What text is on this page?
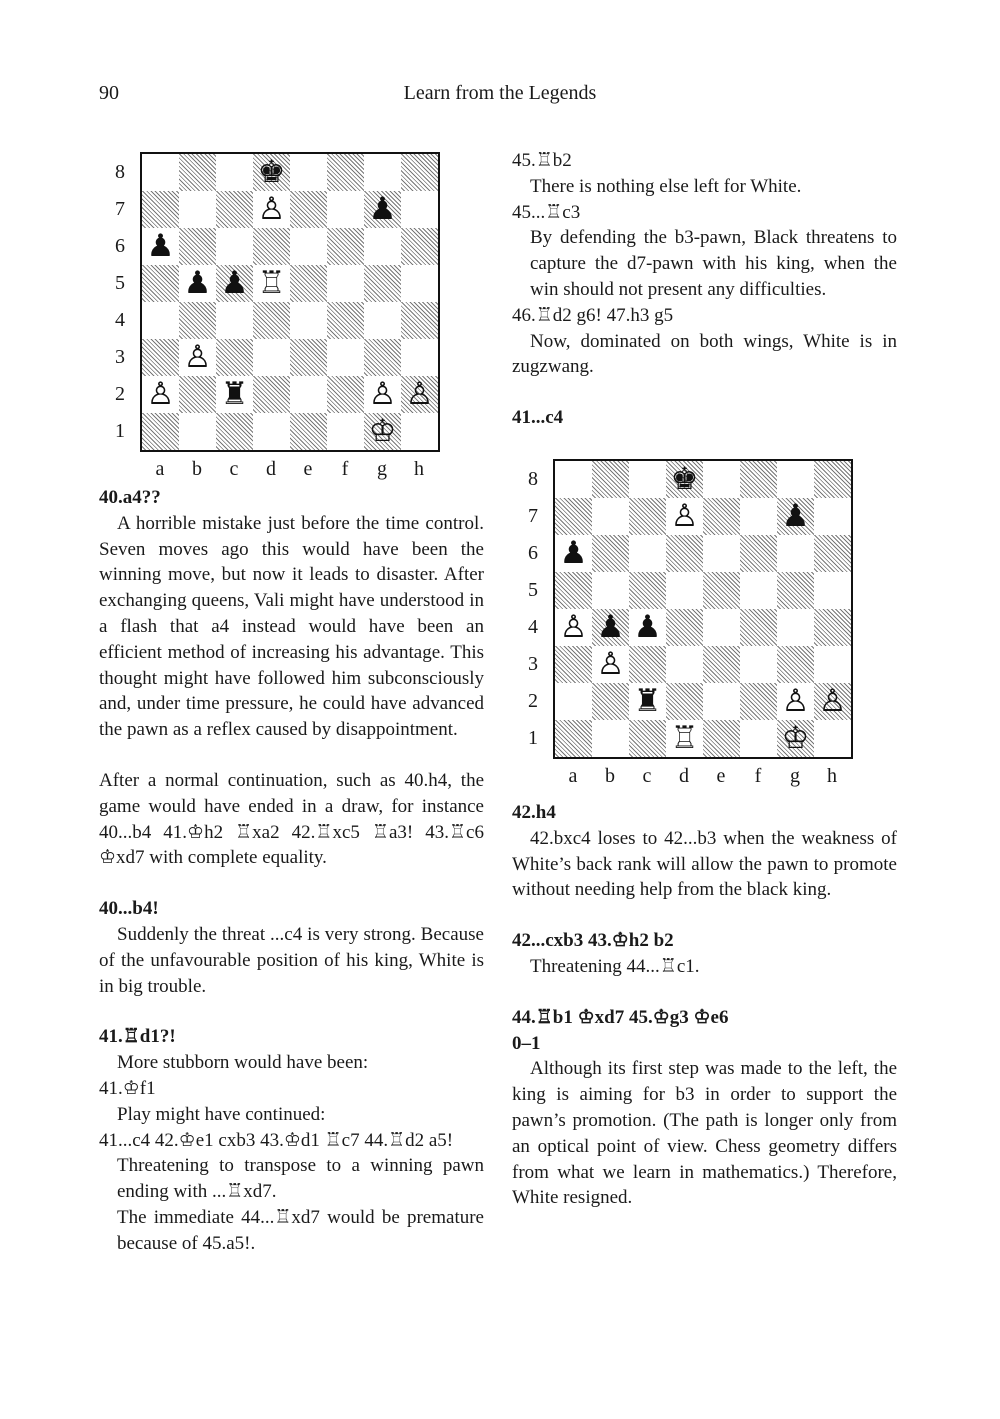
90	Learn from the Legends
♚
♙	♟
♟
♟ ♟ ♖
♙
♙ ♜	♙ ♙
♔
8
7
6
5
4
3
2
1
a b c d e	f	g h	♚
♙	♟
♟
♙ ♟ ♟
♙
♜	♙ ♙
♖	♔
8
7
6
5
4
3
2
1
a b c d e	f	g h

40.a4??

A horrible mistake just before the time control. Seven moves ago this would have been the winning move, but now it leads to disaster. After exchanging queens, Vali might have understood in a flash that a4 instead would have been an efficient method of increasing his advantage. This thought might have followed him subconsciously and, under time pressure, he could have advanced the pawn as a reflex caused by disappointment.

After a normal continuation, such as 40.h4, the game would have ended in a draw, for instance 40...b4 41.♔h2 ♖xa2 42.♖xc5 ♖a3! 43.♖c6 ♔xd7 with complete equality.

40...b4!

Suddenly the threat ...c4 is very strong. Because of the unfavourable position of his king, White is in big trouble.

41.♖d1?!

More stubborn would have been:

41.♔f1

Play might have continued:

41...c4 42.♔e1 cxb3 43.♔d1 ♖c7 44.♖d2 a5!

Threatening to transpose to a winning pawn ending with ...♖xd7.

The immediate 44...♖xd7 would be premature because of 45.a5!.

45.♖b2

There is nothing else left for White.

45...♖c3

By defending the b3-pawn, Black threatens to capture the d7-pawn with his king, when the win should not present any difficulties.

46.♖d2 g6! 47.h3 g5

Now, dominated on both wings, White is in zugzwang.

41...c4

42.h4

42.bxc4 loses to 42...b3 when the weakness of White’s back rank will allow the pawn to promote without needing help from the black king.

42...cxb3 43.♔h2 b2

Threatening 44...♖c1.

44.♖b1 ♔xd7 45.♔g3 ♔e6

0–1

Although its first step was made to the left, the king is aiming for b3 in order to support the pawn’s promotion. (The path is longer only from an optical point of view. Chess geometry differs from what we learn in mathematics.) Therefore, White resigned.
